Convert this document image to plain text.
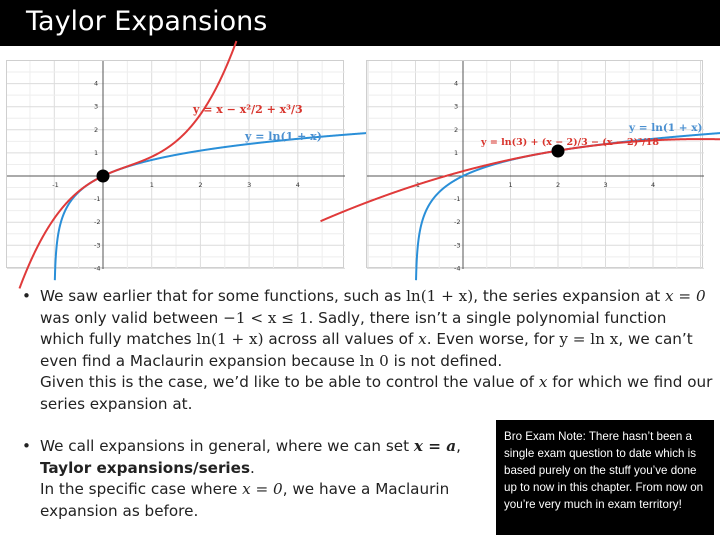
Taylor Expansions
-1	1	2	3	4
4
3
2
1
-1
-2
-3
-4
y = x − x²/2 + x³/3
y = ln(1 + x)
-1	1	2	3	4
4
3
2
1
-1
-2
-3
-4
y = ln(3) + (x − 2)/3 − (x − 2)²/18
y = ln(1 + x)
• We saw earlier that for some functions, such as ln(1 + x), the series expansion at x = 0
was only valid between −1 < x ≤ 1. Sadly, there isn’t a single polynomial function
which fully matches ln(1 + x) across all values of x. Even worse, for y = ln x, we can’t
even find a Maclaurin expansion because ln 0 is not defined.
Given this is the case, we’d like to be able to control the value of x for which we find our
series expansion at.
• We call expansions in general, where we can set x = a,
Taylor expansions/series.
In the specific case where x = 0, we have a Maclaurin
expansion as before.
Bro Exam Note: There hasn’t been a single exam question to date which is based purely on the stuff you’ve done up to now in this chapter. From now on you’re very much in exam territory!
